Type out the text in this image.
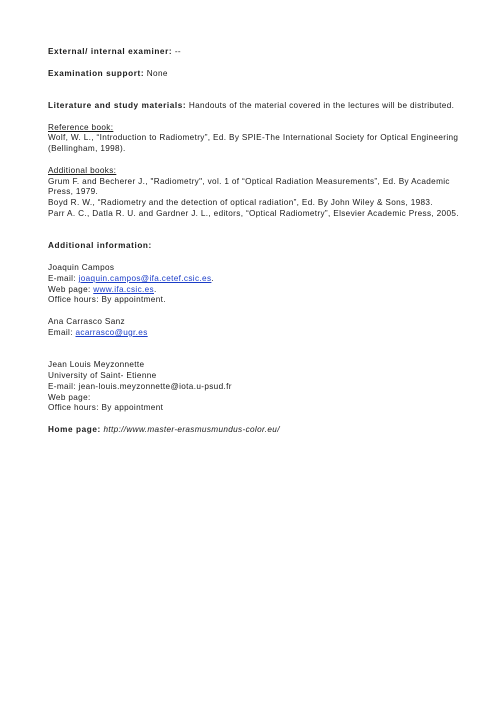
External/ internal examiner: --

Examination support: None

Literature and study materials: Handouts of the material covered in the lectures will be distributed.

Reference book:

Wolf, W. L., “Introduction to Radiometry”, Ed. By SPIE-The International Society for Optical Engineering (Bellingham, 1998).

Additional books:

Grum F. and Becherer J., "Radiometry", vol. 1 of “Optical Radiation Measurements”, Ed. By Academic Press, 1979.

Boyd R. W., “Radiometry and the detection of optical radiation”, Ed. By John Wiley & Sons, 1983.

Parr A. C., Datla R. U. and Gardner J. L., editors, “Optical Radiometry”, Elsevier Academic Press, 2005.

Additional information:

Joaquin Campos

E-mail: joaquin.campos@ifa.cetef.csic.es.

Web page: www.ifa.csic.es.

Office hours: By appointment.

Ana Carrasco Sanz

Email: acarrasco@ugr.es

Jean Louis Meyzonnette

University of Saint- Etienne

E-mail: jean-louis.meyzonnette@iota.u-psud.fr

Web page:

Office hours: By appointment

Home page: http://www.master-erasmusmundus-color.eu/
